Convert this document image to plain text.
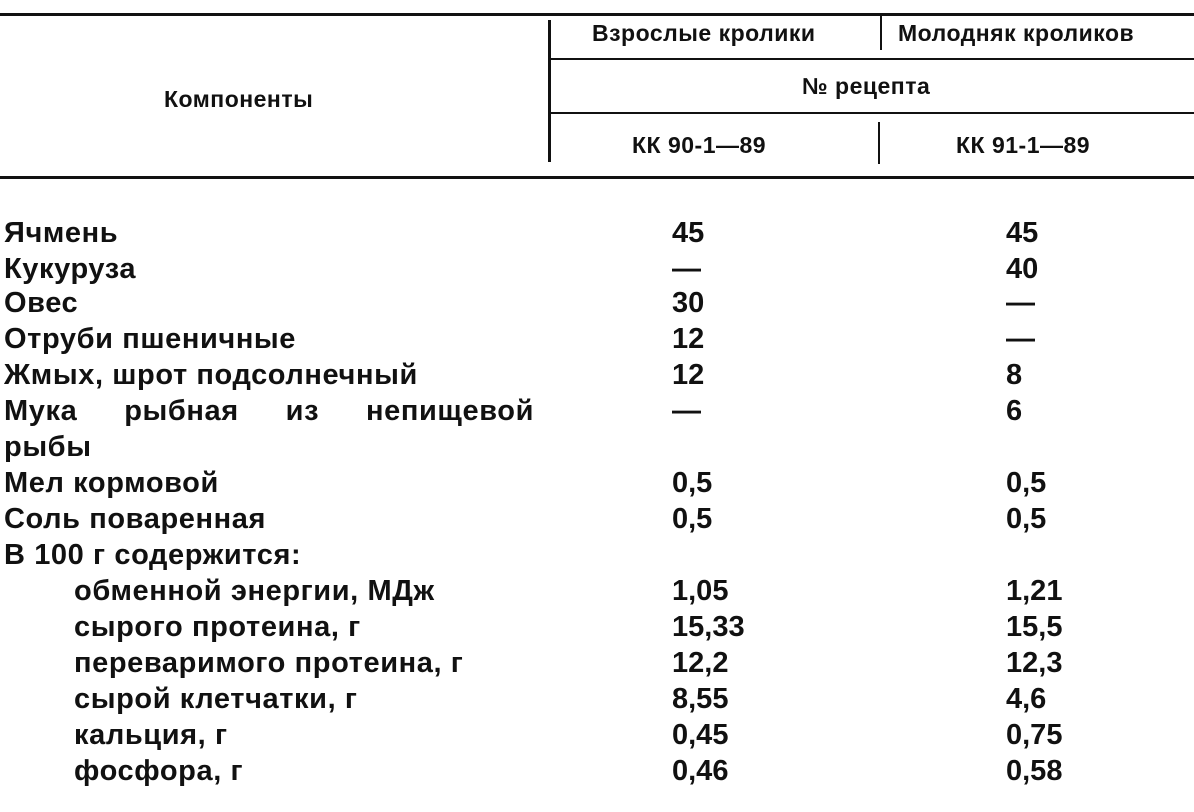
Компоненты
Взрослые кролики	Молодняк кроликов
№ рецепта
КК 90-1—89	КК 91-1—89
Ячмень	45	45
Кукуруза	—	40
Овес	30	—
Отруби пшеничные	12	—
Жмых, шрот подсолнечный	12	8
Мука рыбная из непищевой	—	6
рыбы
Мел кормовой	0,5	0,5
Соль поваренная	0,5	0,5
В 100 г содержится:
обменной энергии, МДж	1,05	1,21
сырого протеина, г	15,33	15,5
переваримого протеина, г	12,2	12,3
сырой клетчатки, г	8,55	4,6
кальция, г	0,45	0,75
фосфора, г	0,46	0,58
